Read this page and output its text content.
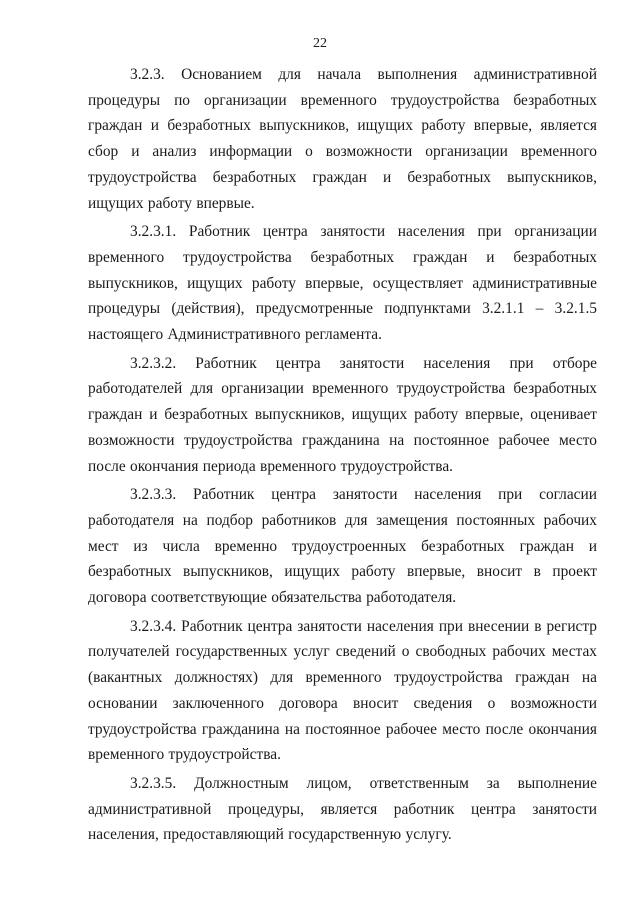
22

3.2.3. Основанием для начала выполнения административной процедуры по организации временного трудоустройства безработных граждан и безработных выпускников, ищущих работу впервые, является сбор и анализ информации о возможности организации временного трудоустройства безработных граждан и безработных выпускников, ищущих работу впервые.

3.2.3.1. Работник центра занятости населения при организации временного трудоустройства безработных граждан и безработных выпускников, ищущих работу впервые, осуществляет административные процедуры (действия), предусмотренные подпунктами 3.2.1.1 – 3.2.1.5 настоящего Административного регламента.

3.2.3.2. Работник центра занятости населения при отборе работодателей для организации временного трудоустройства безработных граждан и безработных выпускников, ищущих работу впервые, оценивает возможности трудоустройства гражданина на постоянное рабочее место после окончания периода временного трудоустройства.

3.2.3.3. Работник центра занятости населения при согласии работодателя на подбор работников для замещения постоянных рабочих мест из числа временно трудоустроенных безработных граждан и безработных выпускников, ищущих работу впервые, вносит в проект договора соответствующие обязательства работодателя.

3.2.3.4. Работник центра занятости населения при внесении в регистр получателей государственных услуг сведений о свободных рабочих местах (вакантных должностях) для временного трудоустройства граждан на основании заключенного договора вносит сведения о возможности трудоустройства гражданина на постоянное рабочее место после окончания временного трудоустройства.

3.2.3.5. Должностным лицом, ответственным за выполнение административной процедуры, является работник центра занятости населения, предоставляющий государственную услугу.
